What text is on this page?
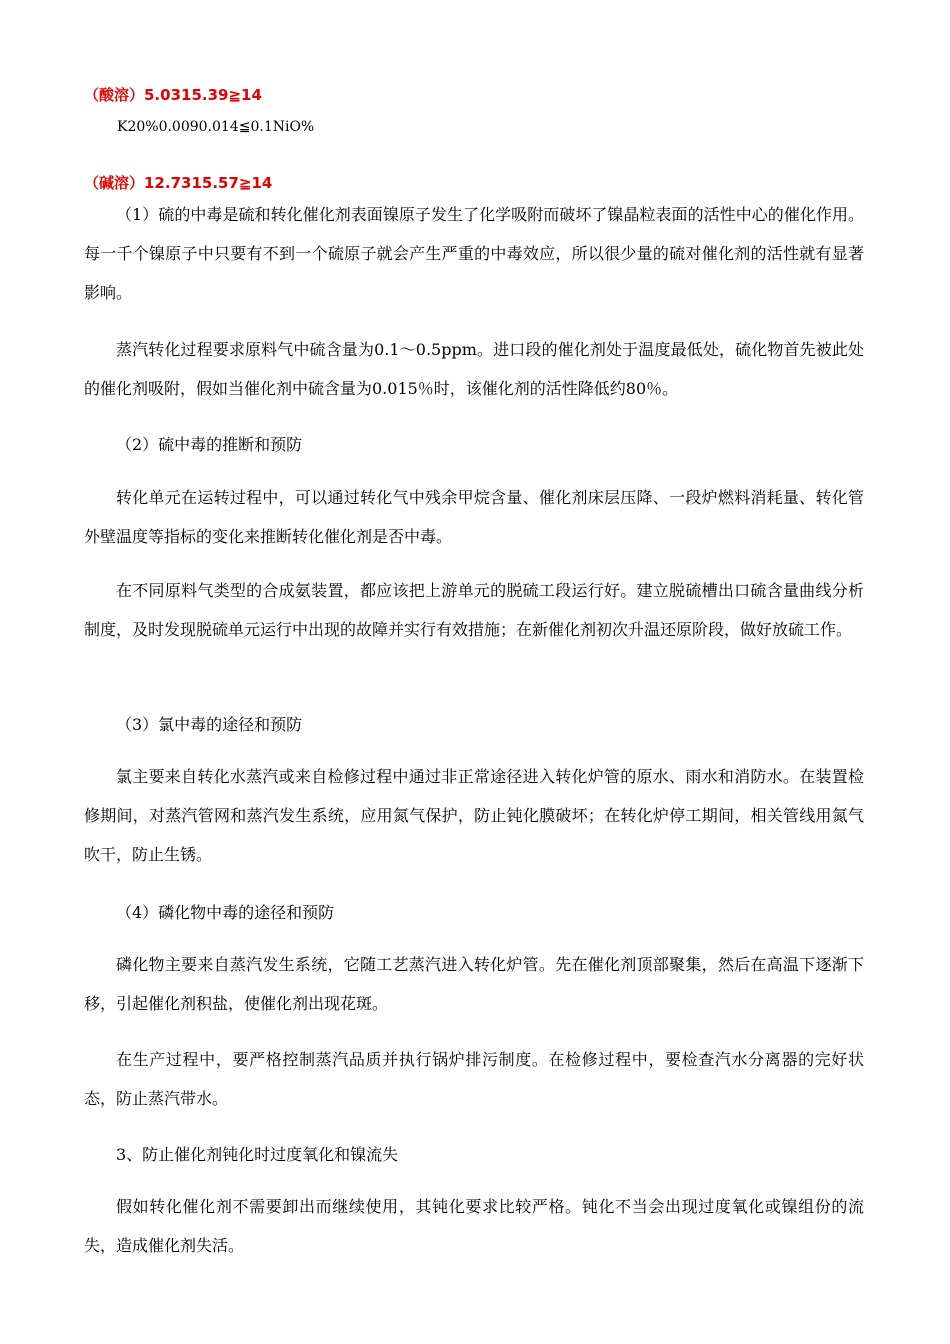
（酸溶）5.0315.39≧14
K20%0.0090.014≦0.1NiO%
（碱溶）12.7315.57≧14

（1）硫的中毒是硫和转化催化剂表面镍原子发生了化学吸附而破坏了镍晶粒表面的活性中心的催化作用。每一千个镍原子中只要有不到一个硫原子就会产生严重的中毒效应，所以很少量的硫对催化剂的活性就有显著影响。

蒸汽转化过程要求原料气中硫含量为0.1～0.5ppm。进口段的催化剂处于温度最低处，硫化物首先被此处的催化剂吸附，假如当催化剂中硫含量为0.015％时，该催化剂的活性降低约80％。

（2）硫中毒的推断和预防

转化单元在运转过程中，可以通过转化气中残余甲烷含量、催化剂床层压降、一段炉燃料消耗量、转化管外壁温度等指标的变化来推断转化催化剂是否中毒。

在不同原料气类型的合成氨装置，都应该把上游单元的脱硫工段运行好。建立脱硫槽出口硫含量曲线分析制度，及时发现脱硫单元运行中出现的故障并实行有效措施；在新催化剂初次升温还原阶段，做好放硫工作。

（3）氯中毒的途径和预防

氯主要来自转化水蒸汽或来自检修过程中通过非正常途径进入转化炉管的原水、雨水和消防水。在装置检修期间，对蒸汽管网和蒸汽发生系统，应用氮气保护，防止钝化膜破坏；在转化炉停工期间，相关管线用氮气吹干，防止生锈。

（4）磷化物中毒的途径和预防

磷化物主要来自蒸汽发生系统，它随工艺蒸汽进入转化炉管。先在催化剂顶部聚集，然后在高温下逐渐下移，引起催化剂积盐，使催化剂出现花斑。

在生产过程中，要严格控制蒸汽品质并执行锅炉排污制度。在检修过程中，要检查汽水分离器的完好状态，防止蒸汽带水。

3、防止催化剂钝化时过度氧化和镍流失

假如转化催化剂不需要卸出而继续使用，其钝化要求比较严格。钝化不当会出现过度氧化或镍组份的流失，造成催化剂失活。
